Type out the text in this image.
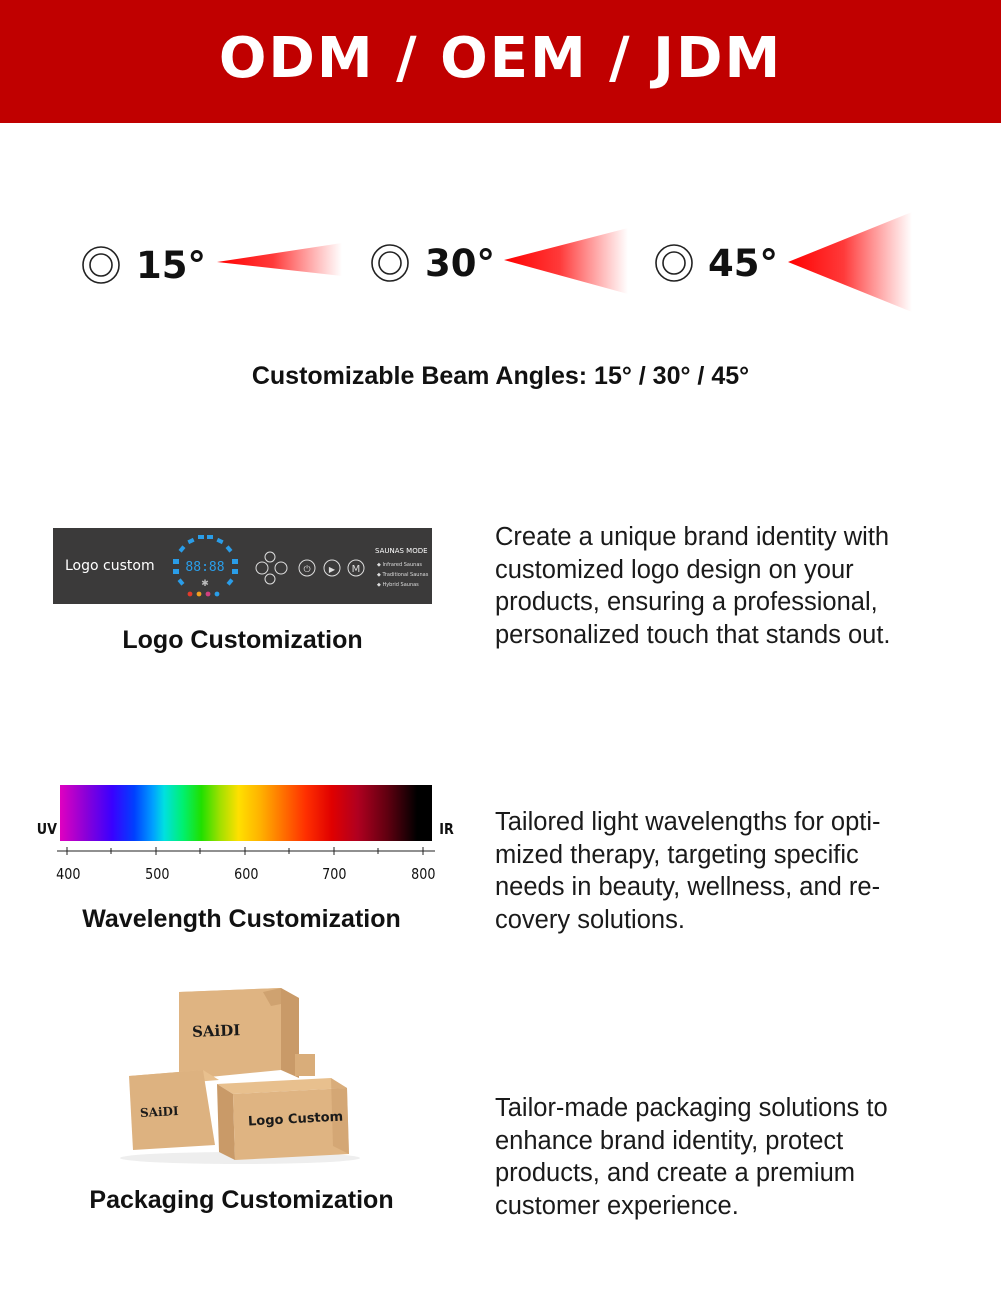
ODM / OEM / JDM
15°	30°	45°
Customizable Beam Angles: 15° / 30° / 45°
Logo custom 88:88
✱
M
▶
⏻
SAUNAS MODE
◆ Infrared Saunas
◆ Traditional Saunas
◆ Hybrid Saunas
Logo Customization
Create a unique brand identity with customized logo design on your products, ensuring a professional, personalized touch that stands out.
UV	IR
400	500	600	700	800
Wavelength Customization
Tailored light wavelengths for opti-mized therapy, targeting specific needs in beauty, wellness, and re-covery solutions.
SAiDI
SAiDI	Logo Custom
Packaging Customization
Tailor-made packaging solutions to enhance brand identity, protect products, and create a premium customer experience.
